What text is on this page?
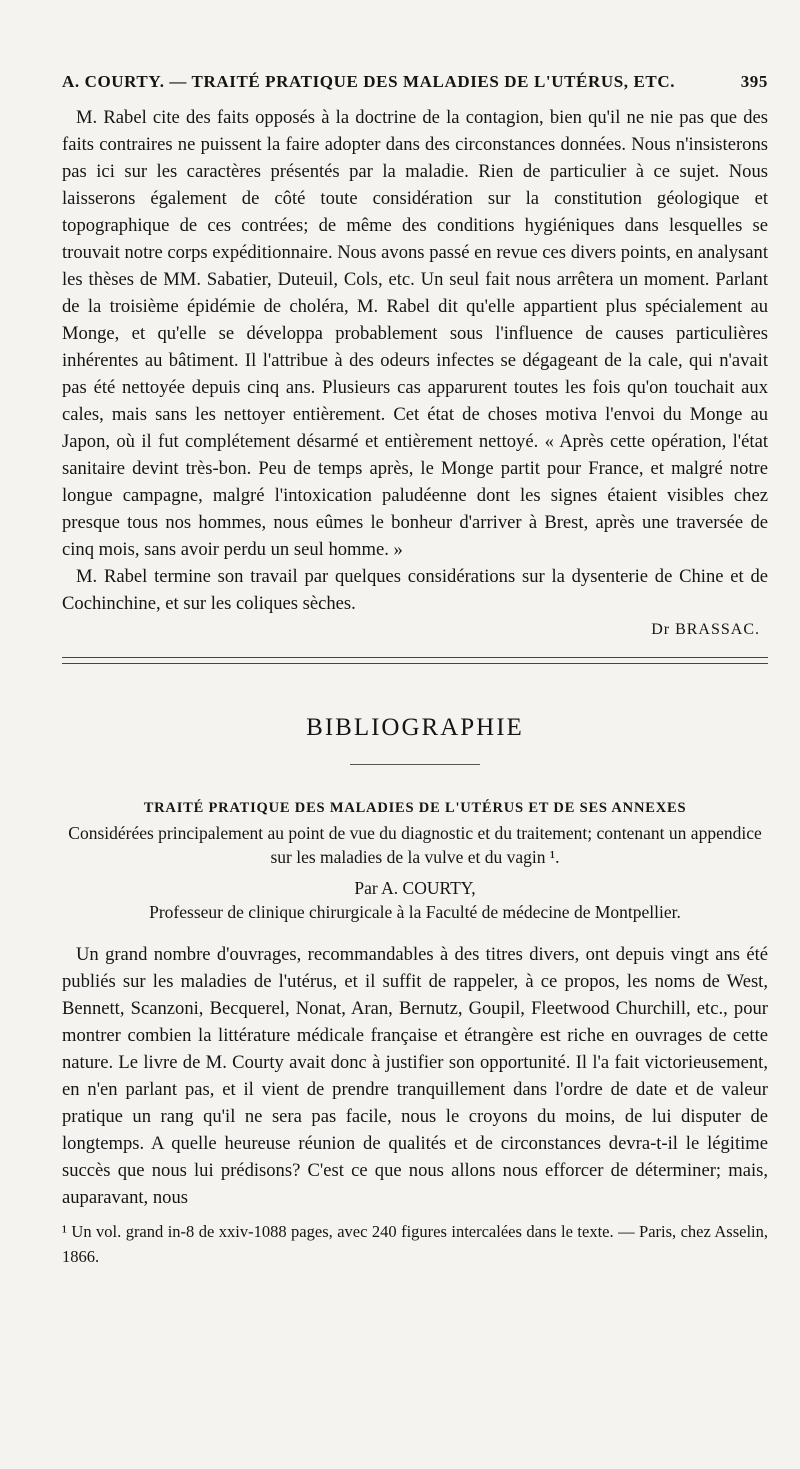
A. COURTY. — TRAITÉ PRATIQUE DES MALADIES DE L'UTÉRUS, ETC.	395

M. Rabel cite des faits opposés à la doctrine de la contagion, bien qu'il ne nie pas que des faits contraires ne puissent la faire adopter dans des circonstances données. Nous n'insisterons pas ici sur les caractères présentés par la maladie. Rien de particulier à ce sujet. Nous laisserons également de côté toute considération sur la constitution géologique et topographique de ces contrées; de même des conditions hygiéniques dans lesquelles se trouvait notre corps expéditionnaire. Nous avons passé en revue ces divers points, en analysant les thèses de MM. Sabatier, Duteuil, Cols, etc. Un seul fait nous arrêtera un moment. Parlant de la troisième épidémie de choléra, M. Rabel dit qu'elle appartient plus spécialement au Monge, et qu'elle se développa probablement sous l'influence de causes particulières inhérentes au bâtiment. Il l'attribue à des odeurs infectes se dégageant de la cale, qui n'avait pas été nettoyée depuis cinq ans. Plusieurs cas apparurent toutes les fois qu'on touchait aux cales, mais sans les nettoyer entièrement. Cet état de choses motiva l'envoi du Monge au Japon, où il fut complétement désarmé et entièrement nettoyé. « Après cette opération, l'état sanitaire devint très-bon. Peu de temps après, le Monge partit pour France, et malgré notre longue campagne, malgré l'intoxication paludéenne dont les signes étaient visibles chez presque tous nos hommes, nous eûmes le bonheur d'arriver à Brest, après une traversée de cinq mois, sans avoir perdu un seul homme. »

M. Rabel termine son travail par quelques considérations sur la dysenterie de Chine et de Cochinchine, et sur les coliques sèches.

Dr BRASSAC.
BIBLIOGRAPHIE
TRAITÉ PRATIQUE DES MALADIES DE L'UTÉRUS ET DE SES ANNEXES
Considérées principalement au point de vue du diagnostic et du traitement; contenant un appendice sur les maladies de la vulve et du vagin ¹.
Par A. COURTY,
Professeur de clinique chirurgicale à la Faculté de médecine de Montpellier.

Un grand nombre d'ouvrages, recommandables à des titres divers, ont depuis vingt ans été publiés sur les maladies de l'utérus, et il suffit de rappeler, à ce propos, les noms de West, Bennett, Scanzoni, Becquerel, Nonat, Aran, Bernutz, Goupil, Fleetwood Churchill, etc., pour montrer combien la littérature médicale française et étrangère est riche en ouvrages de cette nature. Le livre de M. Courty avait donc à justifier son opportunité. Il l'a fait victorieusement, en n'en parlant pas, et il vient de prendre tranquillement dans l'ordre de date et de valeur pratique un rang qu'il ne sera pas facile, nous le croyons du moins, de lui disputer de longtemps. A quelle heureuse réunion de qualités et de circonstances devra-t-il le légitime succès que nous lui prédisons? C'est ce que nous allons nous efforcer de déterminer; mais, auparavant, nous

¹ Un vol. grand in-8 de xxiv-1088 pages, avec 240 figures intercalées dans le texte. — Paris, chez Asselin, 1866.
